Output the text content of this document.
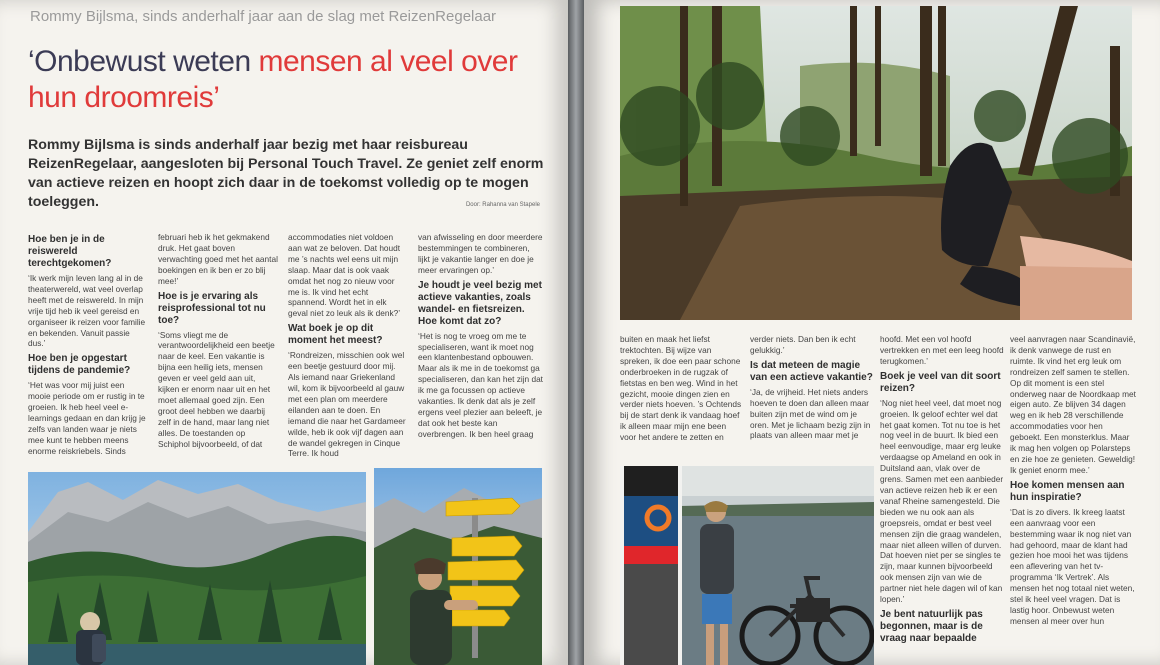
Rommy Bijlsma, sinds anderhalf jaar aan de slag met ReizenRegelaar
‘Onbewust weten mensen al veel over
hun droomreis’
Rommy Bijlsma is sinds anderhalf jaar bezig met haar reisbureau ReizenRegelaar, aangesloten bij Personal Touch Travel. Ze geniet zelf enorm van actieve reizen en hoopt zich daar in de toekomst volledig op te mogen toeleggen.	Door: Rahanna van Stapele
Hoe ben je in de reiswereld terechtgekomen?

‘Ik werk mijn leven lang al in de theaterwereld, wat veel overlap heeft met de reiswereld. In mijn vrije tijd heb ik veel gereisd en organiseer ik reizen voor familie en bekenden. Vanuit passie dus.’

Hoe ben je opgestart tijdens de pandemie?

‘Het was voor mij juist een mooie periode om er rustig in te groeien. Ik heb heel veel e-learnings gedaan en dan krijg je zelfs van landen waar je niets mee kunt te hebben meens enorme reiskriebels. Sinds

februari heb ik het gekmakend druk. Het gaat boven verwachting goed met het aantal boekingen en ik ben er zo blij mee!’

Hoe is je ervaring als reisprofessional tot nu toe?

‘Soms vliegt me de verantwoordelijkheid een beetje naar de keel. Een vakantie is bijna een heilig iets, mensen geven er veel geld aan uit, kijken er enorm naar uit en het moet allemaal goed zijn. Een groot deel hebben we daarbij zelf in de hand, maar lang niet alles. De toestanden op Schiphol bijvoorbeeld, of dat

accommodaties niet voldoen aan wat ze beloven. Dat houdt me ’s nachts wel eens uit mijn slaap. Maar dat is ook vaak omdat het nog zo nieuw voor me is. Ik vind het echt spannend. Wordt het in elk geval niet zo leuk als ik denk?’

Wat boek je op dit moment het meest?

‘Rondreizen, misschien ook wel een beetje gestuurd door mij. Als iemand naar Griekenland wil, kom ik bijvoorbeeld al gauw met een plan om meerdere eilanden aan te doen. En iemand die naar het Gardameer wilde, heb ik ook vijf dagen aan de wandel gekregen in Cinque Terre. Ik houd

van afwisseling en door meerdere bestemmingen te combineren, lijkt je vakantie langer en doe je meer ervaringen op.’

Je houdt je veel bezig met actieve vakanties, zoals wandel- en fietsreizen. Hoe komt dat zo?

‘Het is nog te vroeg om me te specialiseren, want ik moet nog een klantenbestand opbouwen. Maar als ik me in de toekomst ga specialiseren, dan kan het zijn dat ik me ga focussen op actieve vakanties. Ik denk dat als je zelf ergens veel plezier aan beleeft, je dat ook het beste kan overbrengen. Ik ben heel graag

buiten en maak het liefst trektochten. Bij wijze van spreken, ik doe een paar schone onderbroeken in de rugzak of fietstas en ben weg. Wind in het gezicht, mooie dingen zien en verder niets hoeven. ’s Ochtends bij de start denk ik vandaag hoef ik alleen maar mijn ene been voor het andere te zetten en

verder niets. Dan ben ik echt gelukkig.’

Is dat meteen de magie van een actieve vakantie?

‘Ja, de vrijheid. Het niets anders hoeven te doen dan alleen maar buiten zijn met de wind om je oren. Met je lichaam bezig zijn in plaats van alleen maar met je

hoofd. Met een vol hoofd vertrekken en met een leeg hoofd terugkomen.’

Boek je veel van dit soort reizen?

‘Nog niet heel veel, dat moet nog groeien. Ik geloof echter wel dat het gaat komen. Tot nu toe is het nog veel in de buurt. Ik bied een heel eenvoudige, maar erg leuke verdaagse op Ameland en ook in Duitsland aan, vlak over de grens. Samen met een aanbieder van actieve reizen heb ik er een vanaf Rheine samengesteld. Die bieden we nu ook aan als groepsreis, omdat er best veel mensen zijn die graag wandelen, maar niet alleen willen of durven. Dat hoeven niet per se singles te zijn, maar kunnen bijvoorbeeld ook mensen zijn van wie de partner niet hele dagen wil of kan lopen.’

Je bent natuurlijk pas begonnen, maar is de vraag naar bepaalde

veel aanvragen naar Scandinavië, ik denk vanwege de rust en ruimte. Ik vind het erg leuk om rondreizen zelf samen te stellen. Op dit moment is een stel onderweg naar de Noordkaap met eigen auto. Ze blijven 34 dagen weg en ik heb 28 verschillende accommodaties voor hen geboekt. Een monsterklus. Maar ik mag hen volgen op Polarsteps en zie hoe ze genieten. Geweldig! Ik geniet enorm mee.’

Hoe komen mensen aan hun inspiratie?

‘Dat is zo divers. Ik kreeg laatst een aanvraag voor een bestemming waar ik nog niet van had gehoord, maar de klant had gezien hoe mooi het was tijdens een aflevering van het tv-programma ‘Ik Vertrek’. Als mensen het nog totaal niet weten, stel ik heel veel vragen. Dat is lastig hoor. Onbewust weten mensen al meer over hun
